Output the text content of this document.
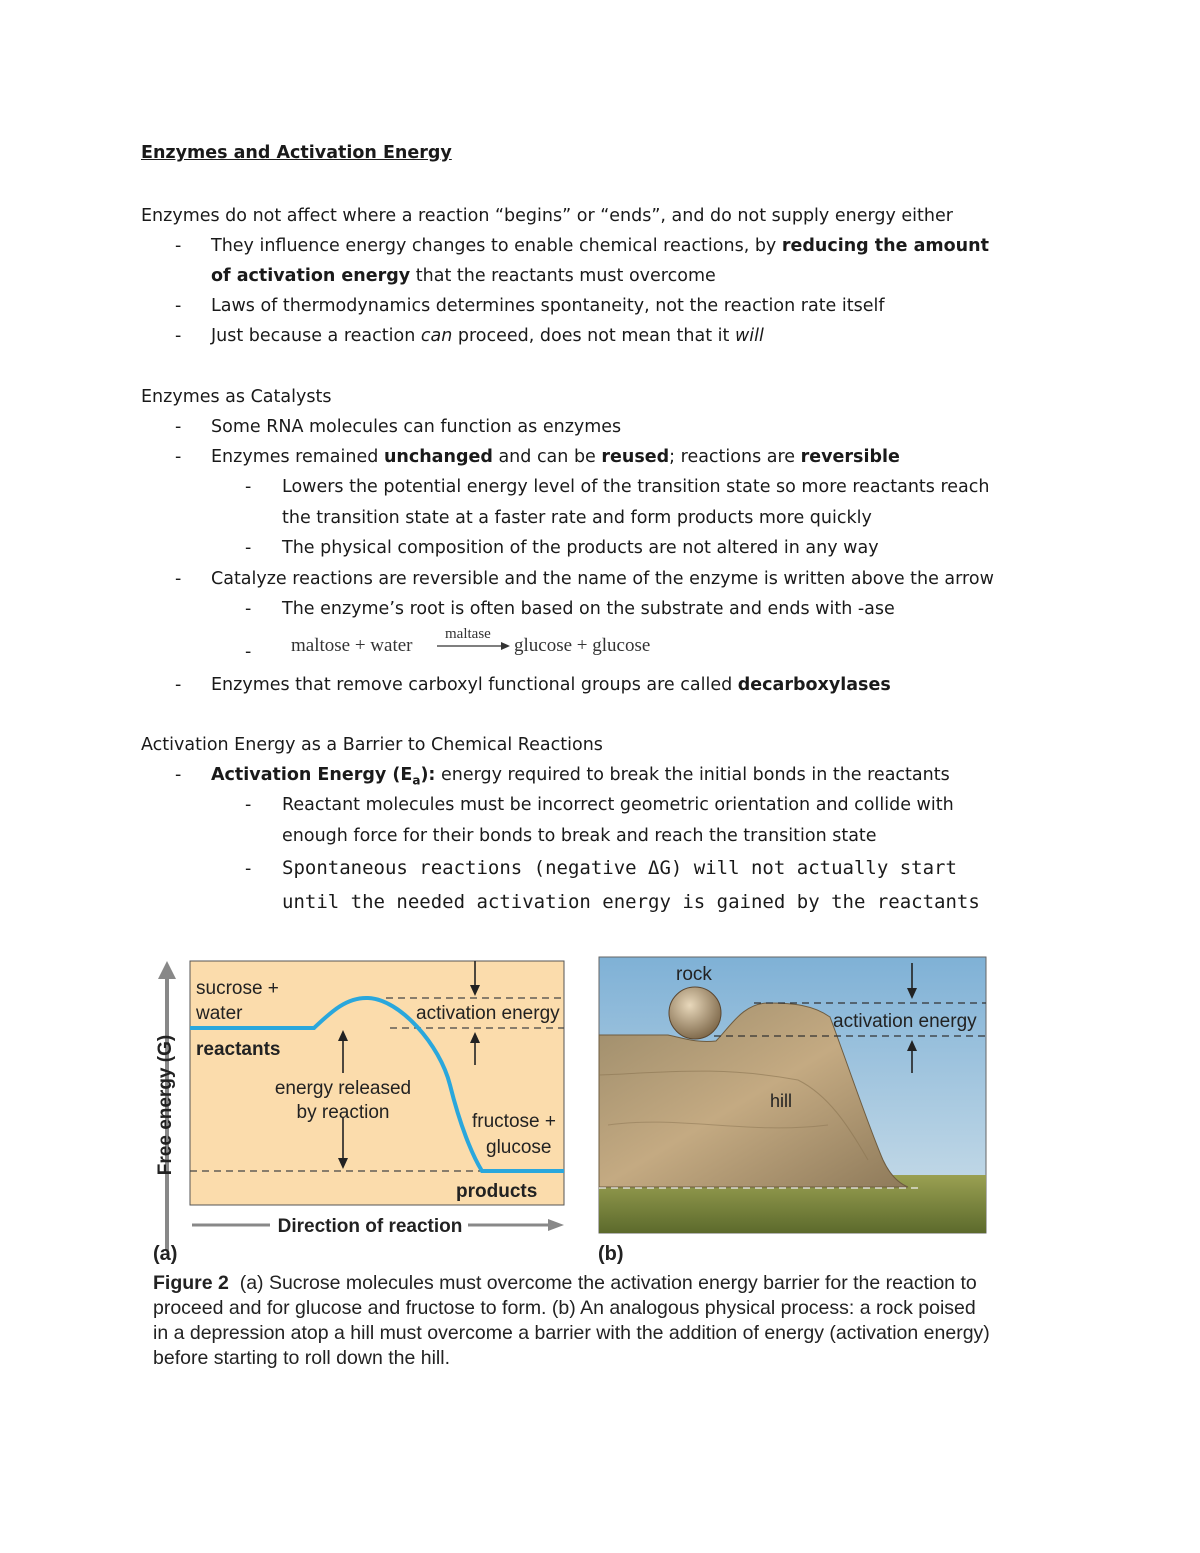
Enzymes and Activation Energy
Enzymes do not affect where a reaction “begins” or “ends”, and do not supply energy either
- They influence energy changes to enable chemical reactions, by reducing the amount
of activation energy that the reactants must overcome
- Laws of thermodynamics determines spontaneity, not the reaction rate itself
- Just because a reaction can proceed, does not mean that it will
Enzymes as Catalysts
- Some RNA molecules can function as enzymes
- Enzymes remained unchanged and can be reused; reactions are reversible
- Lowers the potential energy level of the transition state so more reactants reach
the transition state at a faster rate and form products more quickly
- The physical composition of the products are not altered in any way
- Catalyze reactions are reversible and the name of the enzyme is written above the arrow
- The enzyme’s root is often based on the substrate and ends with -ase
- maltose + water
maltase
glucose + glucose
- Enzymes that remove carboxyl functional groups are called decarboxylases
Activation Energy as a Barrier to Chemical Reactions
- Activation Energy $(E_a)$: energy required to break the initial bonds in the reactants
- Reactant molecules must be incorrect geometric orientation and collide with
enough force for their bonds to break and reach the transition state
- Spontaneous reactions (negative ΔG) will not actually start
until the needed activation energy is gained by the reactants
Free energy (G)
Direction of reaction
sucrose +
water
reactants
activation energy
energy released
by reaction	fructose +
glucose
products
(a)
rock
activation energy
hill
(b)
Figure 2 (a) Sucrose molecules must overcome the activation energy barrier for the reaction to proceed and for glucose and fructose to form. (b) An analogous physical process: a rock poised in a depression atop a hill must overcome a barrier with the addition of energy (activation energy) before starting to roll down the hill.
